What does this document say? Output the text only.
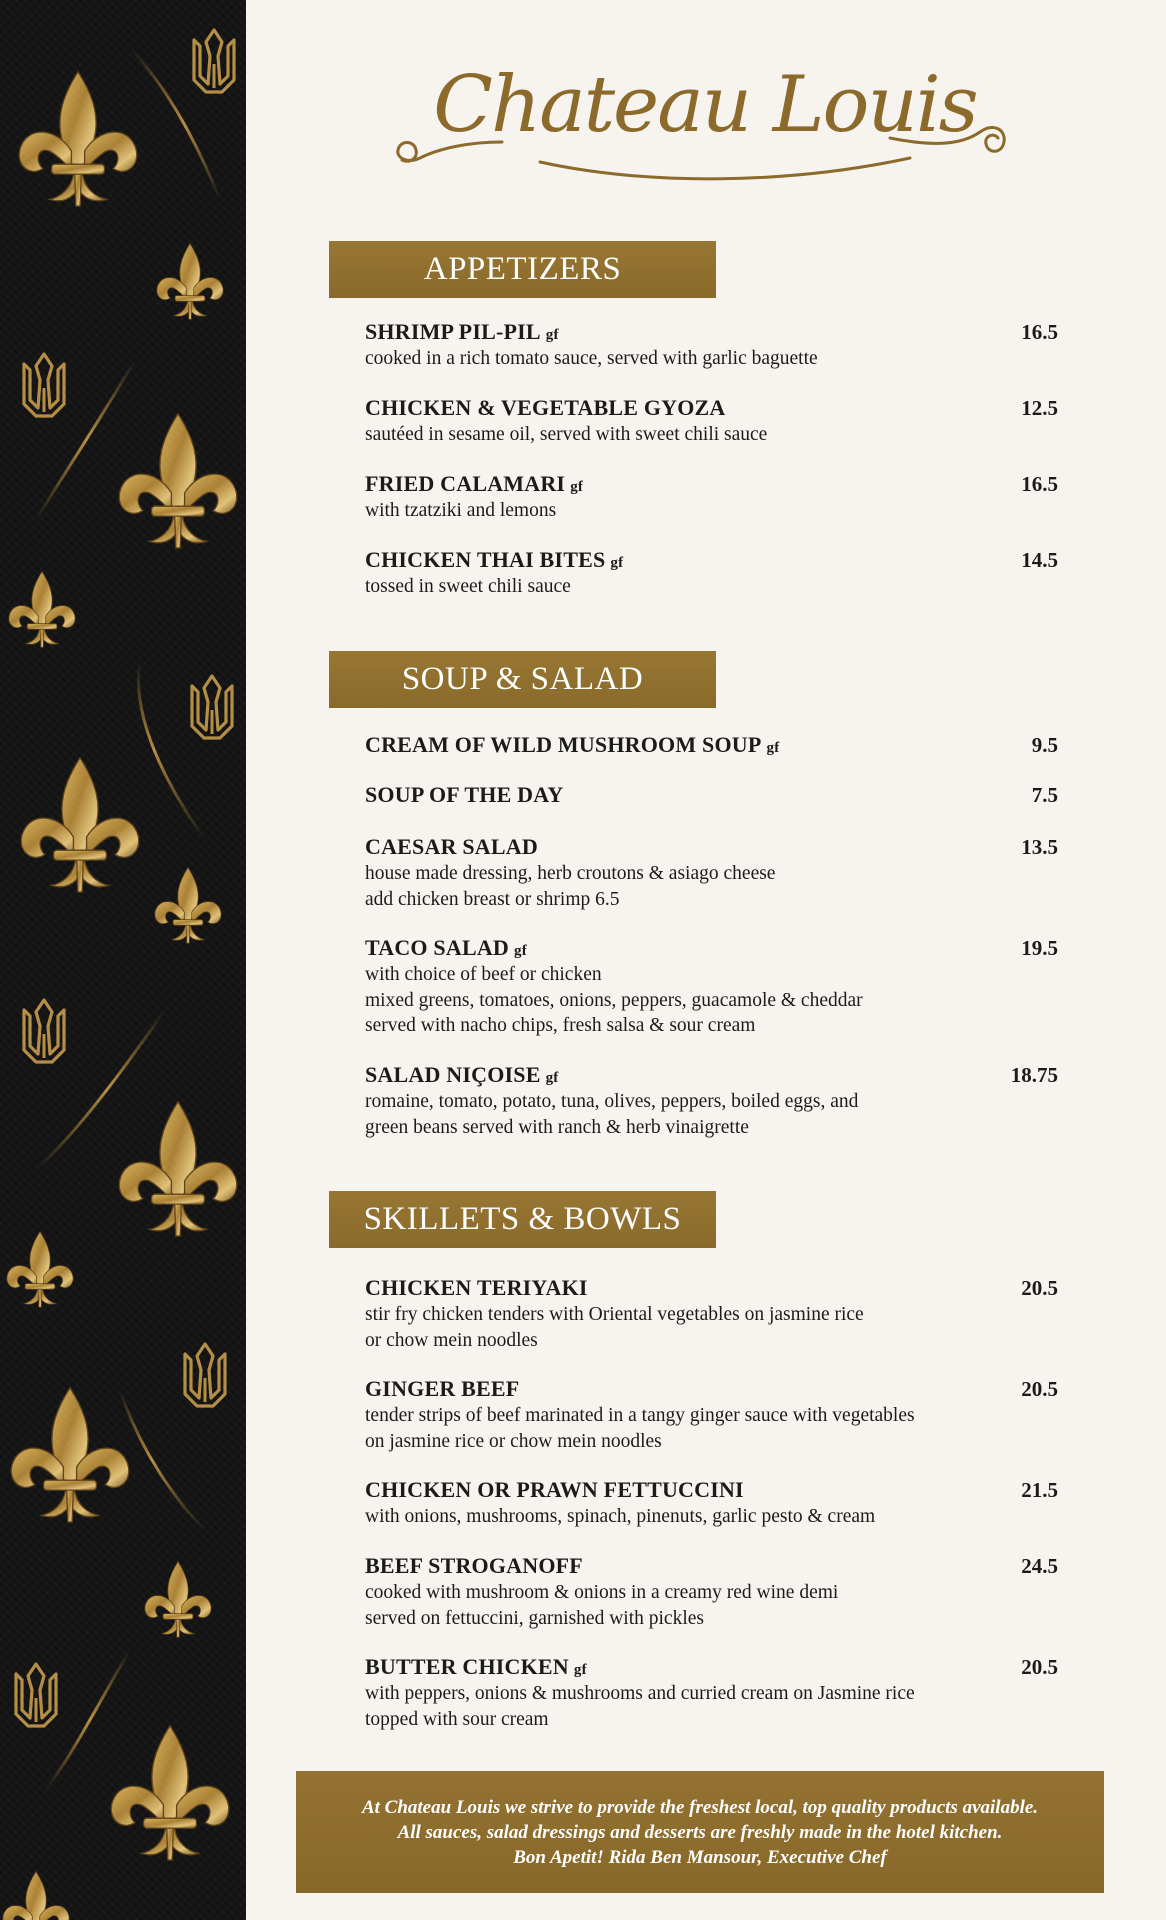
Chateau Louis
APPETIZERS
SOUP & SALAD
SKILLETS & BOWLS
SHRIMP PIL-PIL gf	16.5
cooked in a rich tomato sauce, served with garlic baguette
CHICKEN & VEGETABLE GYOZA	12.5
sautéed in sesame oil, served with sweet chili sauce
FRIED CALAMARI gf	16.5
with tzatziki and lemons
CHICKEN THAI BITES gf	14.5
tossed in sweet chili sauce
CREAM OF WILD MUSHROOM SOUP gf	9.5
SOUP OF THE DAY	7.5
CAESAR SALAD	13.5
house made dressing, herb croutons & asiago cheese
add chicken breast or shrimp 6.5
TACO SALAD gf	19.5
with choice of beef or chicken
mixed greens, tomatoes, onions, peppers, guacamole & cheddar
served with nacho chips, fresh salsa & sour cream
SALAD NIÇOISE gf	18.75
romaine, tomato, potato, tuna, olives, peppers, boiled eggs, and
green beans served with ranch & herb vinaigrette
CHICKEN TERIYAKI	20.5
stir fry chicken tenders with Oriental vegetables on jasmine rice
or chow mein noodles
GINGER BEEF	20.5
tender strips of beef marinated in a tangy ginger sauce with vegetables
on jasmine rice or chow mein noodles
CHICKEN OR PRAWN FETTUCCINI	21.5
with onions, mushrooms, spinach, pinenuts, garlic pesto & cream
BEEF STROGANOFF	24.5
cooked with mushroom & onions in a creamy red wine demi
served on fettuccini, garnished with pickles
BUTTER CHICKEN gf	20.5
with peppers, onions & mushrooms and curried cream on Jasmine rice
topped with sour cream
At Chateau Louis we strive to provide the freshest local, top quality products available.
All sauces, salad dressings and desserts are freshly made in the hotel kitchen.
Bon Apetit! Rida Ben Mansour, Executive Chef
